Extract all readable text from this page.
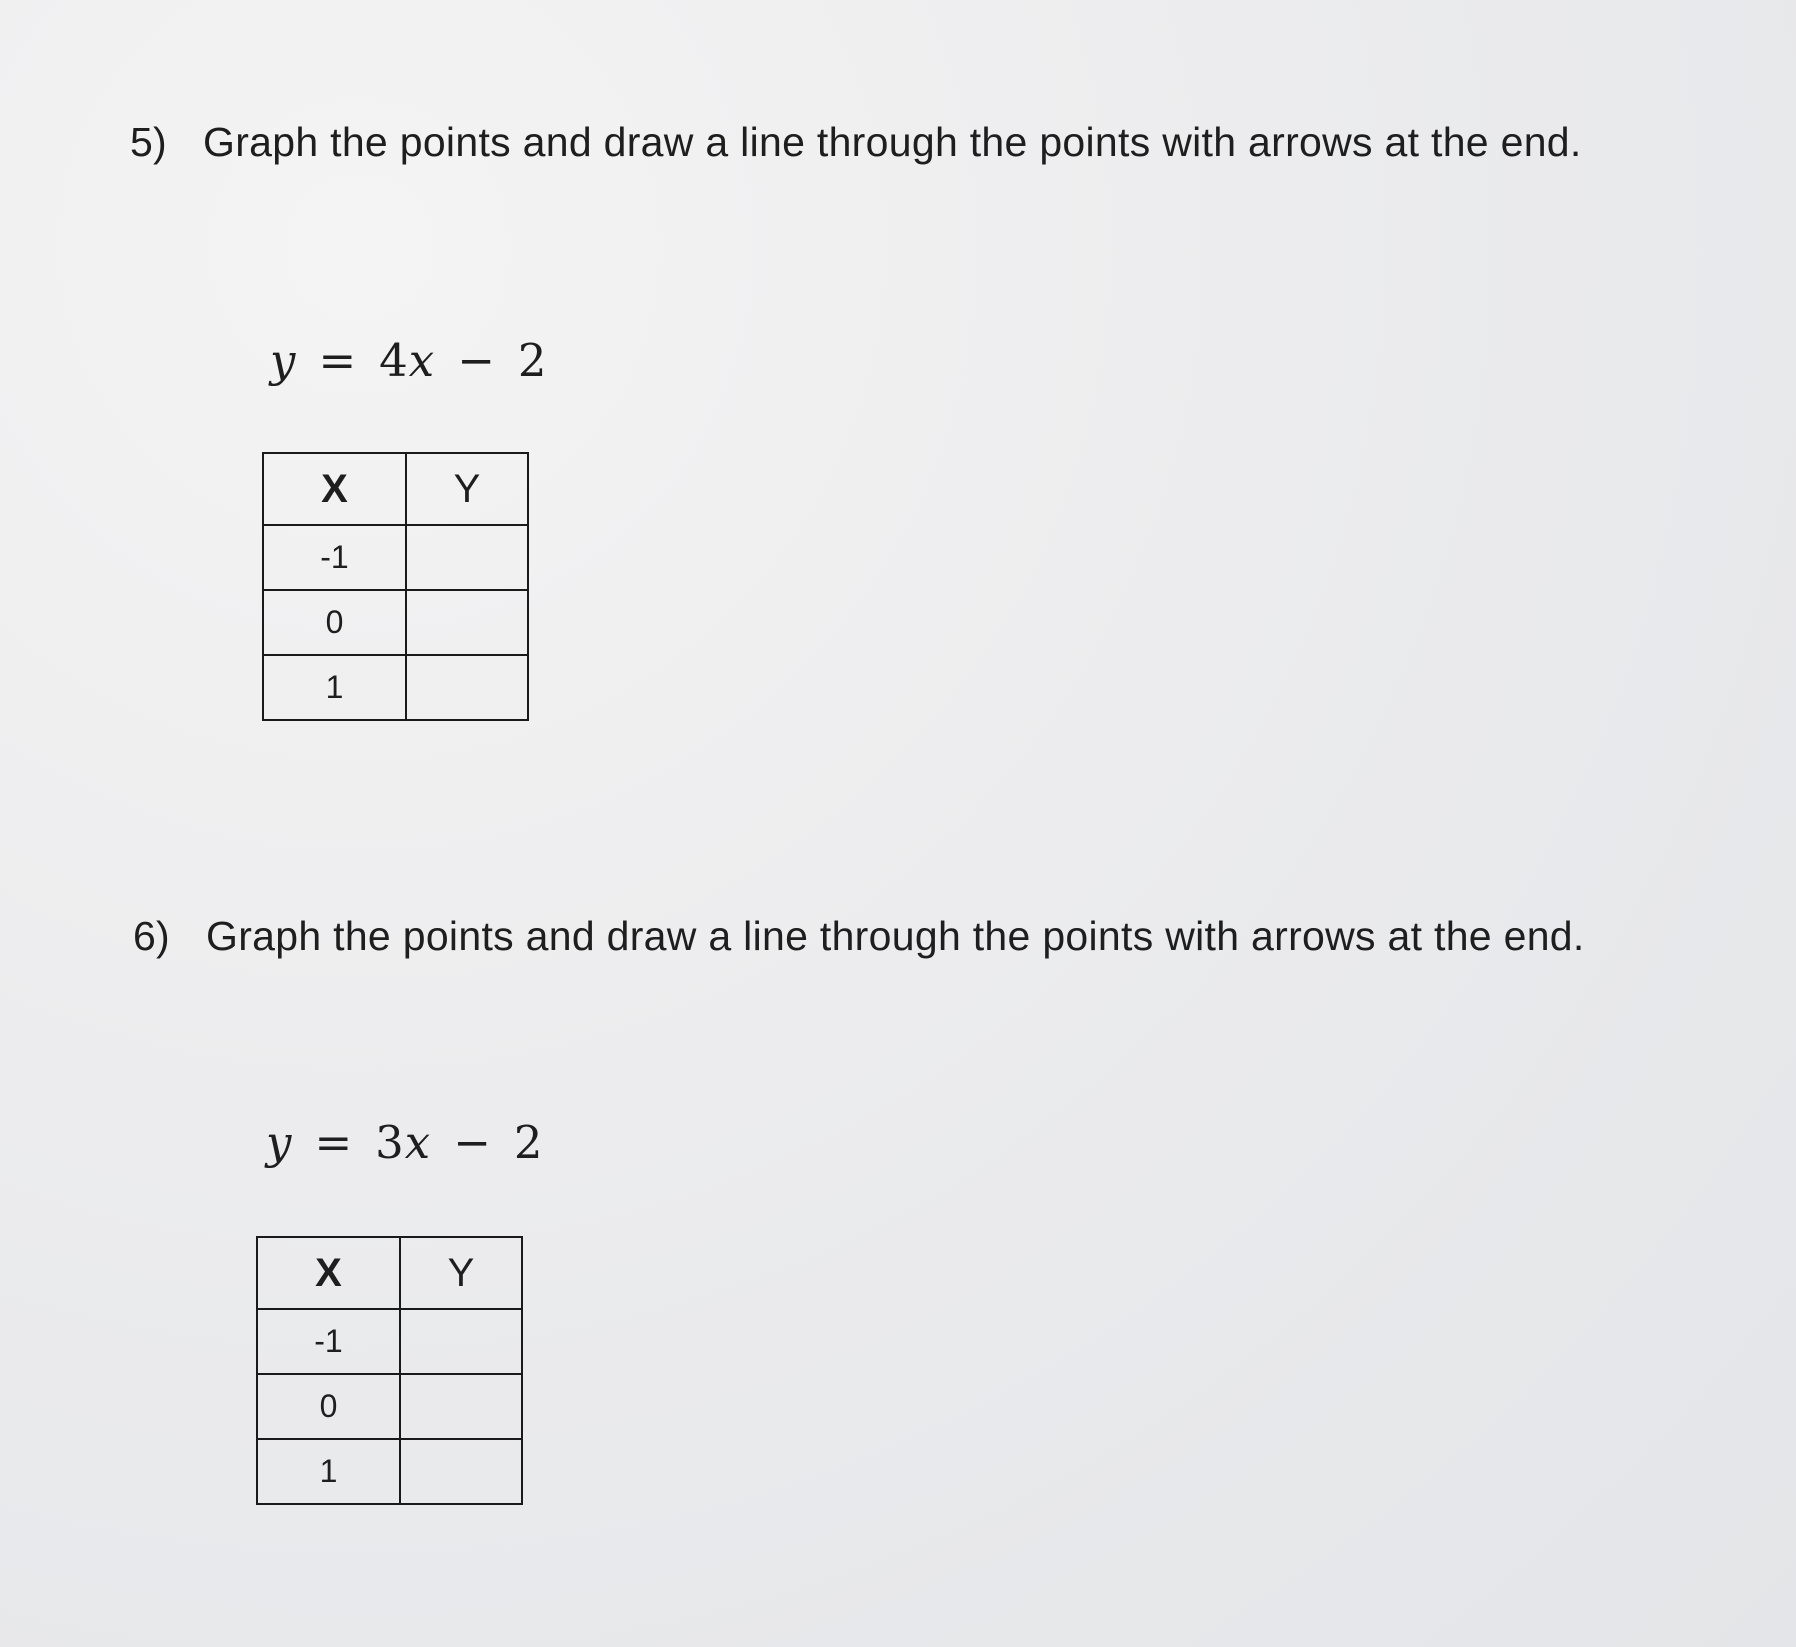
5) Graph the points and draw a line through the points with arrows at the end.
y = 4x − 2
X	Y
-1	
0	
1	
6) Graph the points and draw a line through the points with arrows at the end.
y = 3x − 2
X	Y
-1	
0	
1	
